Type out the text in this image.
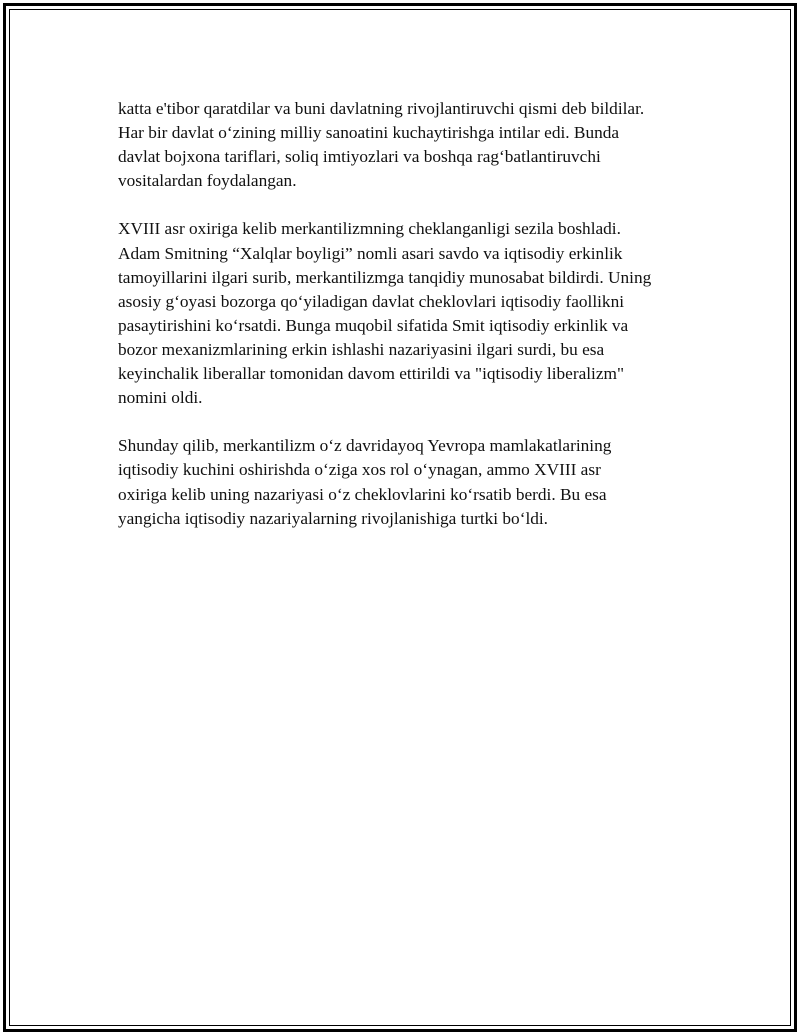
katta e'tibor qaratdilar va buni davlatning rivojlantiruvchi qismi deb bildilar.
Har bir davlat o‘zining milliy sanoatini kuchaytirishga intilar edi. Bunda
davlat bojxona tariflari, soliq imtiyozlari va boshqa rag‘batlantiruvchi
vositalardan foydalangan.

XVIII asr oxiriga kelib merkantilizmning cheklanganligi sezila boshladi.
Adam Smitning “Xalqlar boyligi” nomli asari savdo va iqtisodiy erkinlik
tamoyillarini ilgari surib, merkantilizmga tanqidiy munosabat bildirdi. Uning
asosiy g‘oyasi bozorga qo‘yiladigan davlat cheklovlari iqtisodiy faollikni
pasaytirishini ko‘rsatdi. Bunga muqobil sifatida Smit iqtisodiy erkinlik va
bozor mexanizmlarining erkin ishlashi nazariyasini ilgari surdi, bu esa
keyinchalik liberallar tomonidan davom ettirildi va "iqtisodiy liberalizm"
nomini oldi.

Shunday qilib, merkantilizm o‘z davridayoq Yevropa mamlakatlarining
iqtisodiy kuchini oshirishda o‘ziga xos rol o‘ynagan, ammo XVIII asr
oxiriga kelib uning nazariyasi o‘z cheklovlarini ko‘rsatib berdi. Bu esa
yangicha iqtisodiy nazariyalarning rivojlanishiga turtki bo‘ldi.
